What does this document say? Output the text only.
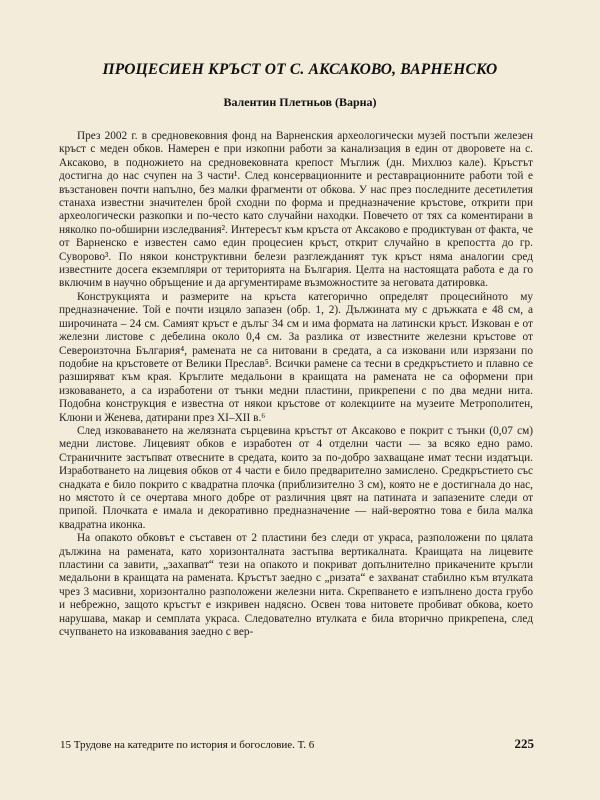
ПРОЦЕСИЕН КРЪСТ ОТ С. АКСАКОВО, ВАРНЕНСКО
Валентин Плетньов (Варна)

През 2002 г. в средновековния фонд на Варненския археологически музей постъпи железен кръст с меден обков. Намерен е при изкопни работи за канализация в един от дворовете на с. Аксаково, в подножието на средновековната крепост Мъглиж (дн. Михлюз кале). Кръстът достигна до нас счупен на 3 части¹. След консервационните и реставрационните работи той е възстановен почти напълно, без малки фрагменти от обкова. У нас през последните десетилетия станаха известни значителен брой сходни по форма и предназначение кръстове, открити при археологически разкопки и по-често като случайни находки. Повечето от тях са коментирани в няколко по-обширни изследвания². Интересът към кръста от Аксаково е продиктуван от факта, че от Варненско е известен само един процесиен кръст, открит случайно в крепостта до гр. Суворово³. По някои конструктивни белези разглежданият тук кръст няма аналогии сред известните досега екземпляри от територията на България. Целта на настоящата работа е да го включим в научно обръщение и да аргументираме възможностите за неговата датировка.

Конструкцията и размерите на кръста категорично определят процесийното му предназначение. Той е почти изцяло запазен (обр. 1, 2). Дължината му с дръжката е 48 см, а широчината – 24 см. Самият кръст е дълъг 34 см и има формата на латински кръст. Изкован е от железни листове с дебелина около 0,4 см. За разлика от известните железни кръстове от Североизточна България⁴, рамената не са нитовани в средата, а са изковани или изрязани по подобие на кръстовете от Велики Преслав⁵. Всички рамене са тесни в средкръстието и плавно се разширяват към края. Кръглите медальони в краищата на рамената не са оформени при изковаването, а са изработени от тънки медни пластини, прикрепени с по два медни нита. Подобна конструкция е известна от някои кръстове от колекциите на музеите Метрополитен, Клюни и Женева, датирани през XI–XII в.⁶

След изковаването на желязната сърцевина кръстът от Аксаково е покрит с тънки (0,07 см) медни листове. Лицевият обков е изработен от 4 отделни части — за всяко едно рамо. Страничните застъпват отвесните в средата, които за по-добро захващане имат тесни издатъци. Изработването на лицевия обков от 4 части е било предварително замислено. Средкръстието със снадката е било покрито с квадратна плочка (приблизително 3 см), която не е достигнала до нас, но мястото ѝ се очертава много добре от различния цвят на патината и запазените следи от припой. Плочката е имала и декоративно предназначение — най-вероятно това е била малка квадратна иконка.

На опакото обковът е съставен от 2 пластини без следи от украса, разположени по цялата дължина на рамената, като хоризонталната застъпва вертикалната. Краищата на лицевите пластини са завити, „захапват“ тези на опакото и покриват допълнително прикачените кръгли медальони в краищата на рамената. Кръстът заедно с „ризата“ е захванат стабилно към втулката чрез 3 масивни, хоризонтално разположени железни нита. Скрепването е изпълнено доста грубо и небрежно, защото кръстът е изкривен надясно. Освен това нитовете пробиват обкова, което нарушава, макар и семплата украса. Следователно втулката е била вторично прикрепена, след счупването на изковавания заедно с вер-

15 Трудове на катедрите по история и богословие. Т. 6	225
